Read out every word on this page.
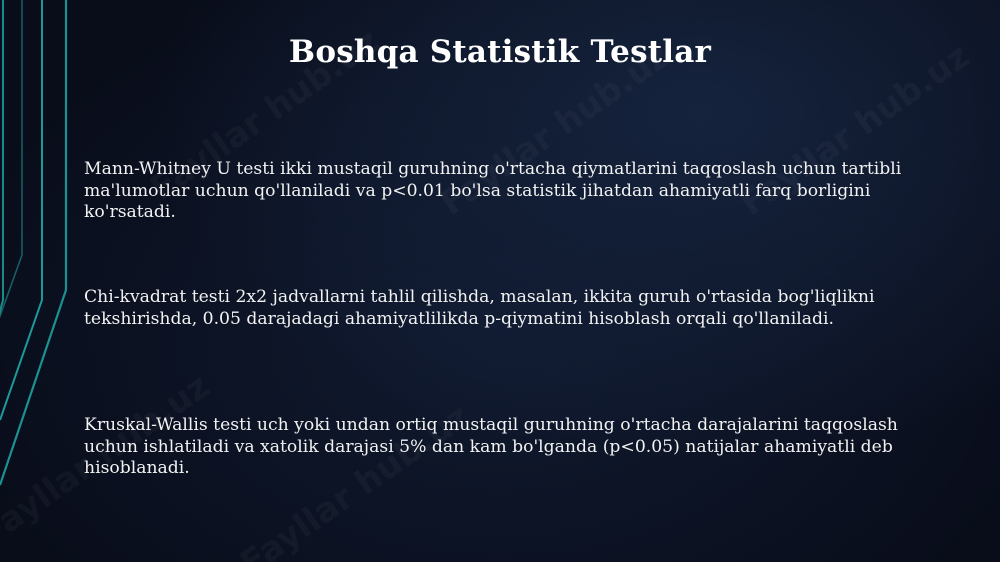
Boshqa Statistik Testlar
Mann-Whitney U testi ikki mustaqil guruhning o'rtacha qiymatlarini taqqoslash uchun tartibli ma'lumotlar uchun qo'llaniladi va p<0.01 bo'lsa statistik jihatdan ahamiyatli farq borligini ko'rsatadi.
Chi-kvadrat testi 2x2 jadvallarni tahlil qilishda, masalan, ikkita guruh o'rtasida bog'liqlikni tekshirishda, 0.05 darajadagi ahamiyatlilikda p-qiymatini hisoblash orqali qo'llaniladi.
Kruskal-Wallis testi uch yoki undan ortiq mustaqil guruhning o'rtacha darajalarini taqqoslash uchun ishlatiladi va xatolik darajasi 5% dan kam bo'lganda (p<0.05) natijalar ahamiyatli deb hisoblanadi.
